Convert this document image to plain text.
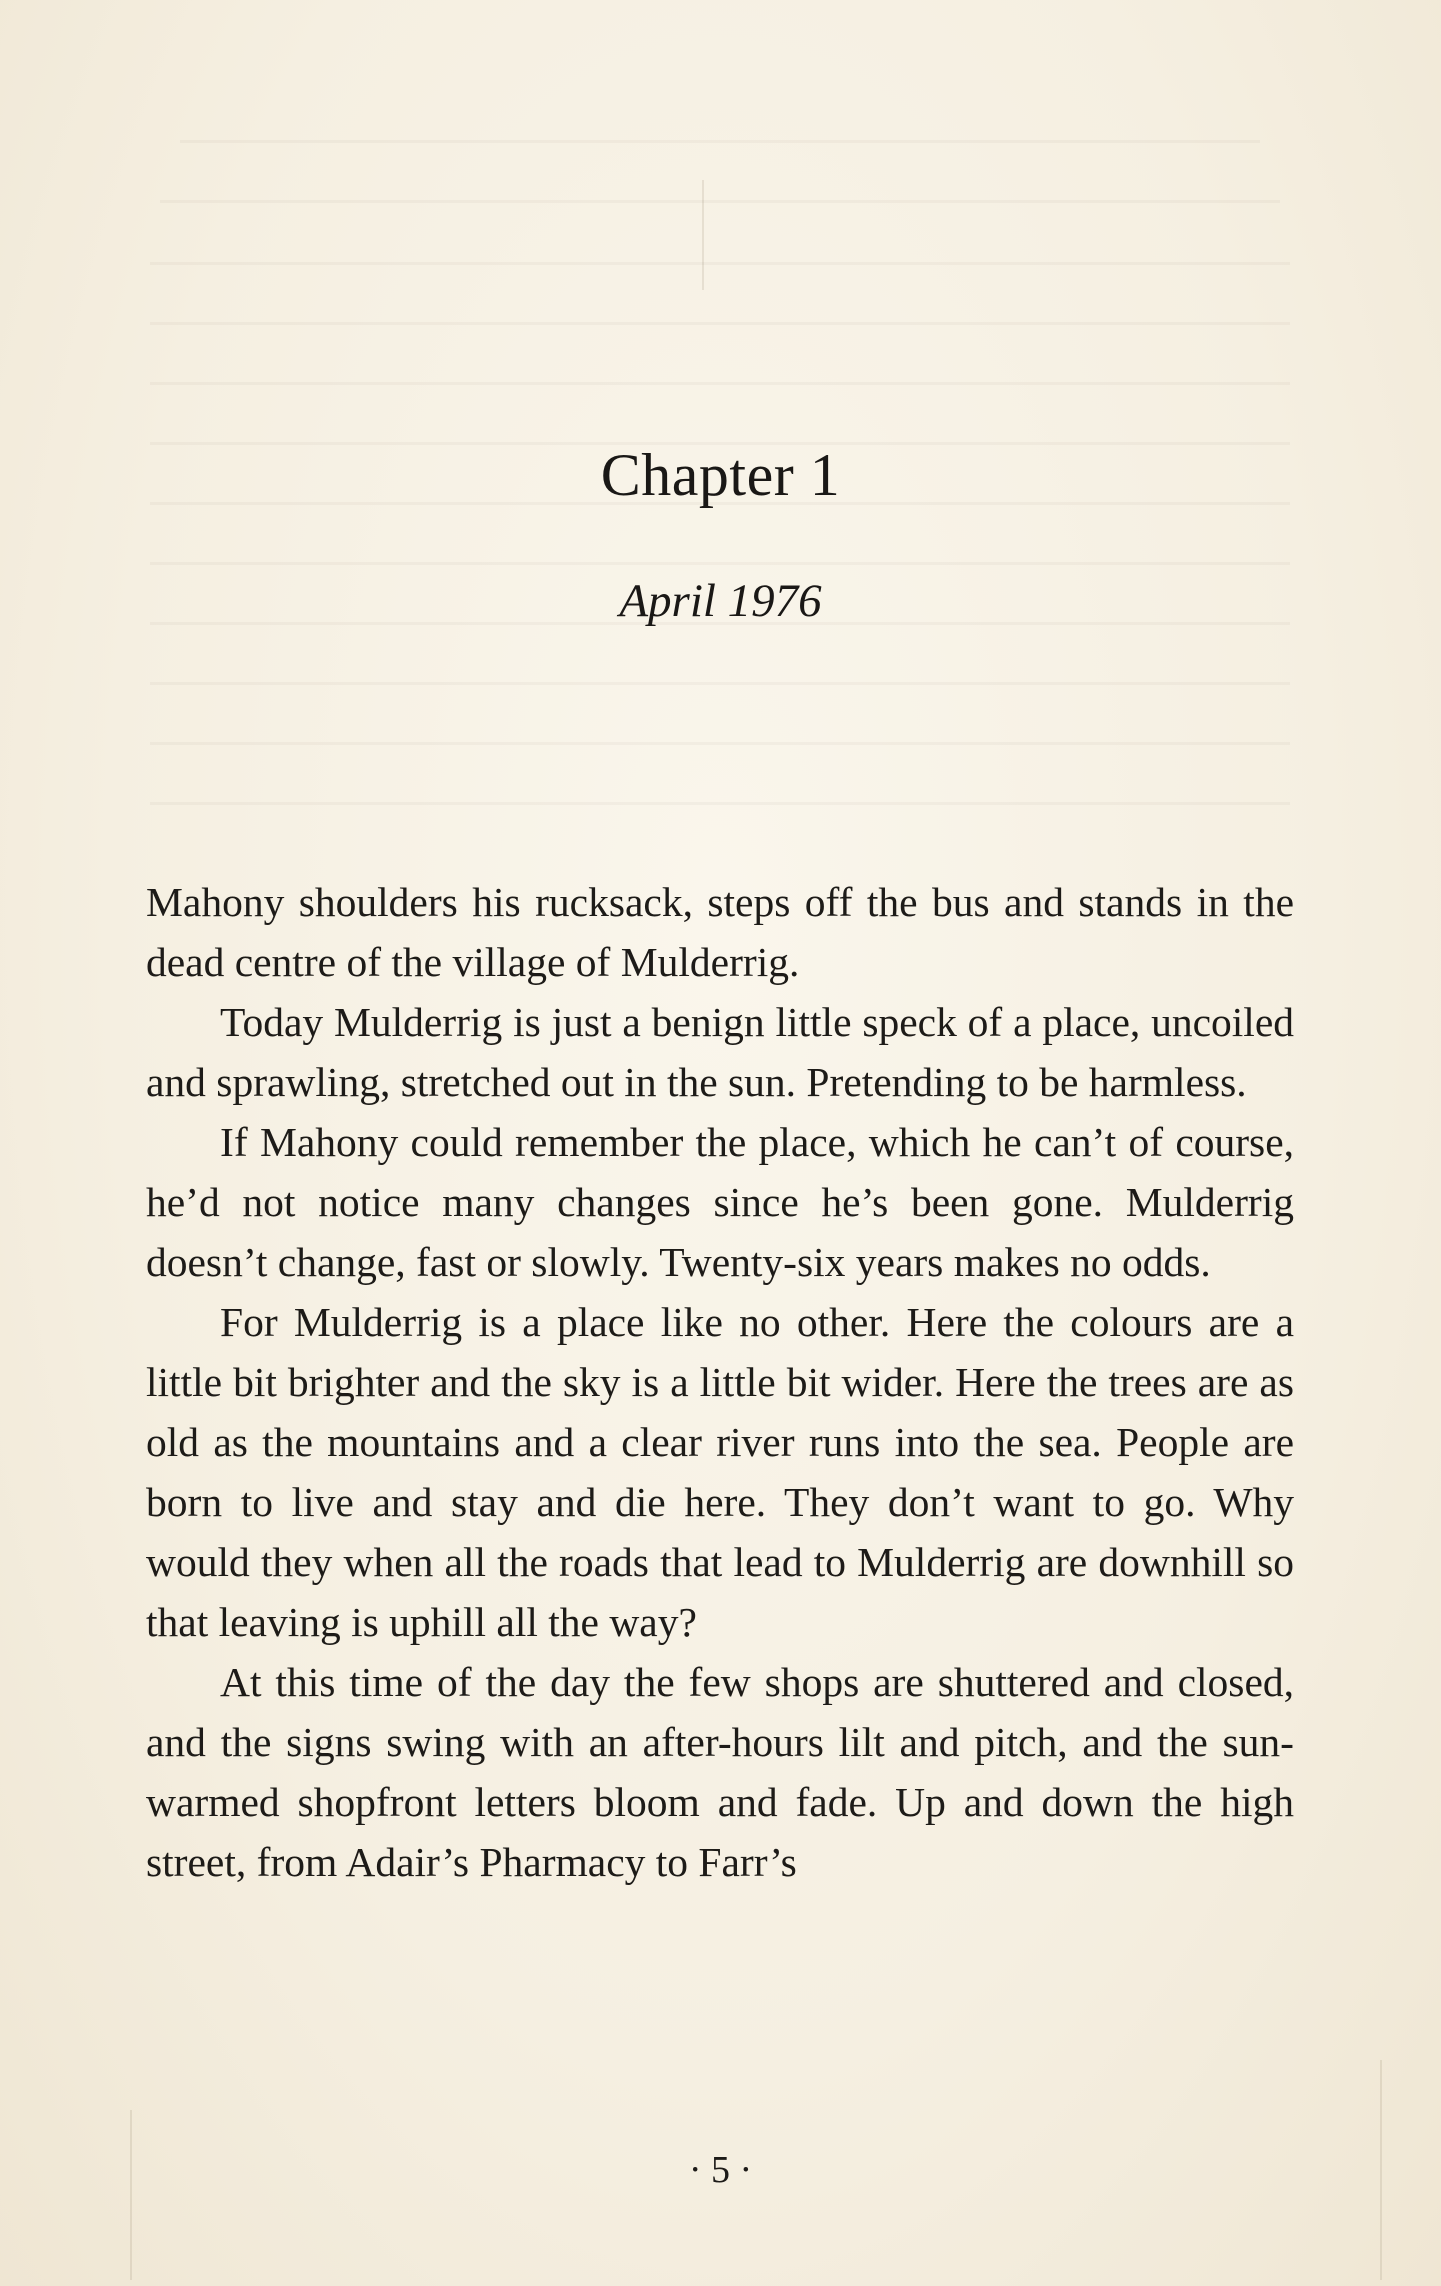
Chapter 1
April 1976

Mahony shoulders his rucksack, steps off the bus and stands in the dead centre of the village of Mulderrig.

Today Mulderrig is just a benign little speck of a place, uncoiled and sprawling, stretched out in the sun. Pretending to be harmless.

If Mahony could remember the place, which he can’t of course, he’d not notice many changes since he’s been gone. Mulderrig doesn’t change, fast or slowly. Twenty-six years makes no odds.

For Mulderrig is a place like no other. Here the colours are a little bit brighter and the sky is a little bit wider. Here the trees are as old as the mountains and a clear river runs into the sea. People are born to live and stay and die here. They don’t want to go. Why would they when all the roads that lead to Mulderrig are downhill so that leaving is uphill all the way?

At this time of the day the few shops are shuttered and closed, and the signs swing with an after-hours lilt and pitch, and the sun-warmed shopfront letters bloom and fade. Up and down the high street, from Adair’s Pharmacy to Farr’s

· 5 ·
